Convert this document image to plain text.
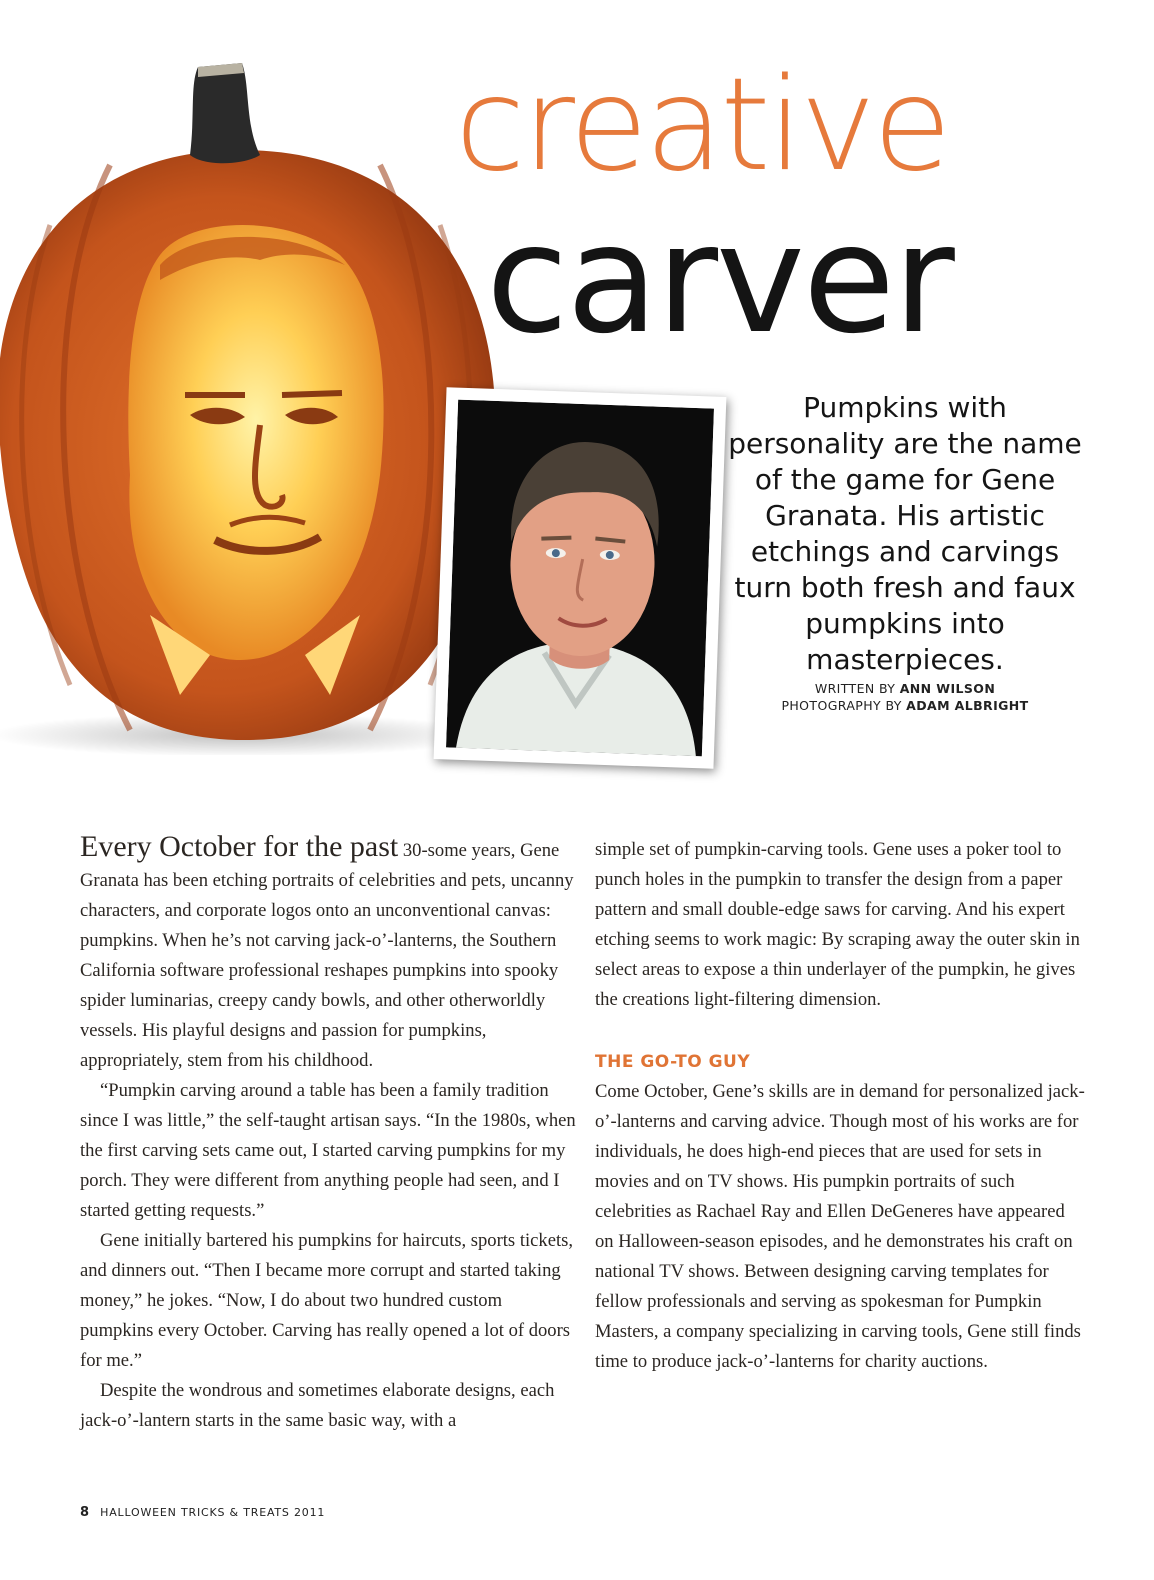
creative
carver

Pumpkins with personality are the name of the game for Gene Granata. His artistic etchings and carvings turn both fresh and faux pumpkins into masterpieces.

WRITTEN BY ANN WILSON
PHOTOGRAPHY BY ADAM ALBRIGHT

Every October for the past 30-some years, Gene Granata has been etching portraits of celebrities and pets, uncanny characters, and corporate logos onto an unconventional canvas: pumpkins. When he’s not carving jack-o’-lanterns, the Southern California software professional reshapes pumpkins into spooky spider luminarias, creepy candy bowls, and other otherworldly vessels. His playful designs and passion for pumpkins, appropriately, stem from his childhood.

“Pumpkin carving around a table has been a family tradition since I was little,” the self-taught artisan says. “In the 1980s, when the first carving sets came out, I started carving pumpkins for my porch. They were different from anything people had seen, and I started getting requests.”

Gene initially bartered his pumpkins for haircuts, sports tickets, and dinners out. “Then I became more corrupt and started taking money,” he jokes. “Now, I do about two hundred custom pumpkins every October. Carving has really opened a lot of doors for me.”

Despite the wondrous and sometimes elaborate designs, each jack-o’-lantern starts in the same basic way, with a

simple set of pumpkin-carving tools. Gene uses a poker tool to punch holes in the pumpkin to transfer the design from a paper pattern and small double-edge saws for carving. And his expert etching seems to work magic: By scraping away the outer skin in select areas to expose a thin underlayer of the pumpkin, he gives the creations light-filtering dimension.

THE GO-TO GUY

Come October, Gene’s skills are in demand for personalized jack-o’-lanterns and carving advice. Though most of his works are for individuals, he does high-end pieces that are used for sets in movies and on TV shows. His pumpkin portraits of such celebrities as Rachael Ray and Ellen DeGeneres have appeared on Halloween-season episodes, and he demonstrates his craft on national TV shows. Between designing carving templates for fellow professionals and serving as spokesman for Pumpkin Masters, a company specializing in carving tools, Gene still finds time to produce jack-o’-lanterns for charity auctions.

8 HALLOWEEN TRICKS & TREATS 2011
